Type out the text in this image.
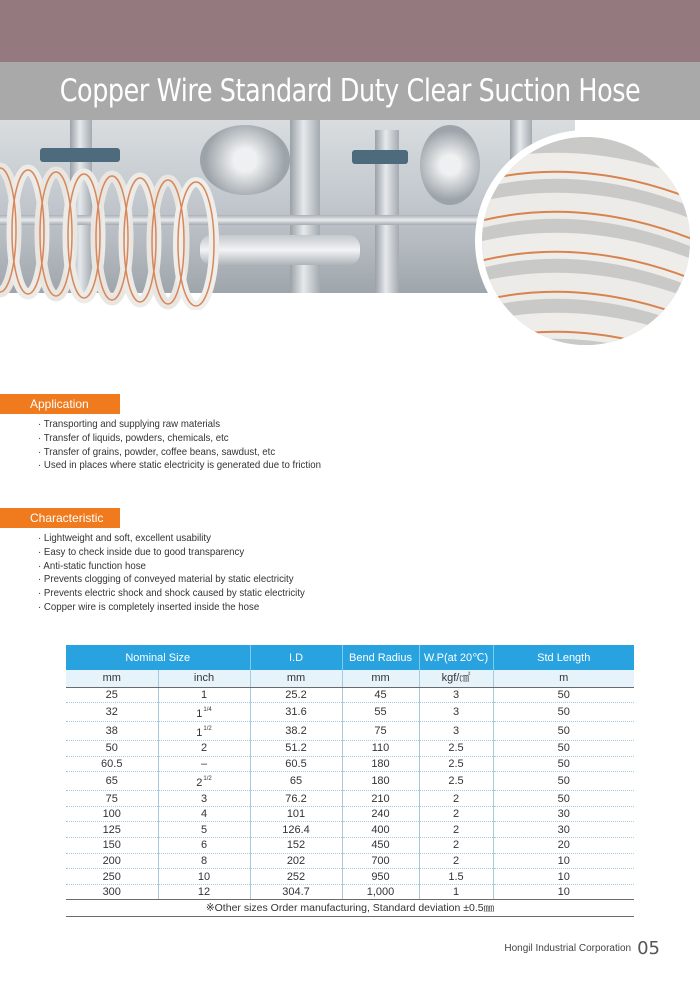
Copper Wire Standard Duty Clear Suction Hose
Application
· Transporting and supplying raw materials
· Transfer of liquids, powders, chemicals, etc
· Transfer of grains, powder, coffee beans, sawdust, etc
· Used in places where static electricity is generated due to friction
Characteristic
· Lightweight and soft, excellent usability
· Easy to check inside due to good transparency
· Anti-static function hose
· Prevents clogging of conveyed material by static electricity
· Prevents electric shock and shock caused by static electricity
· Copper wire is completely inserted inside the hose
Nominal Size		I.D	Bend Radius	W.P(at 20℃)	Std Length
mm	inch	mm	mm	kgf/㎠	m
25	1	25.2	45	3	50
32	$1^{1/4}$	31.6	55	3	50
38	$1^{1/2}$	38.2	75	3	50
50	2	51.2	110	2.5	50
60.5	–	60.5	180	2.5	50
65	$2^{1/2}$	65	180	2.5	50
75	3	76.2	210	2	50
100	4	101	240	2	30
125	5	126.4	400	2	30
150	6	152	450	2	20
200	8	202	700	2	10
250	10	252	950	1.5	10
300	12	304.7	1,000	1	10
※Other sizes Order manufacturing, Standard deviation ±0.5㎜					
Hongil Industrial Corporation 05
